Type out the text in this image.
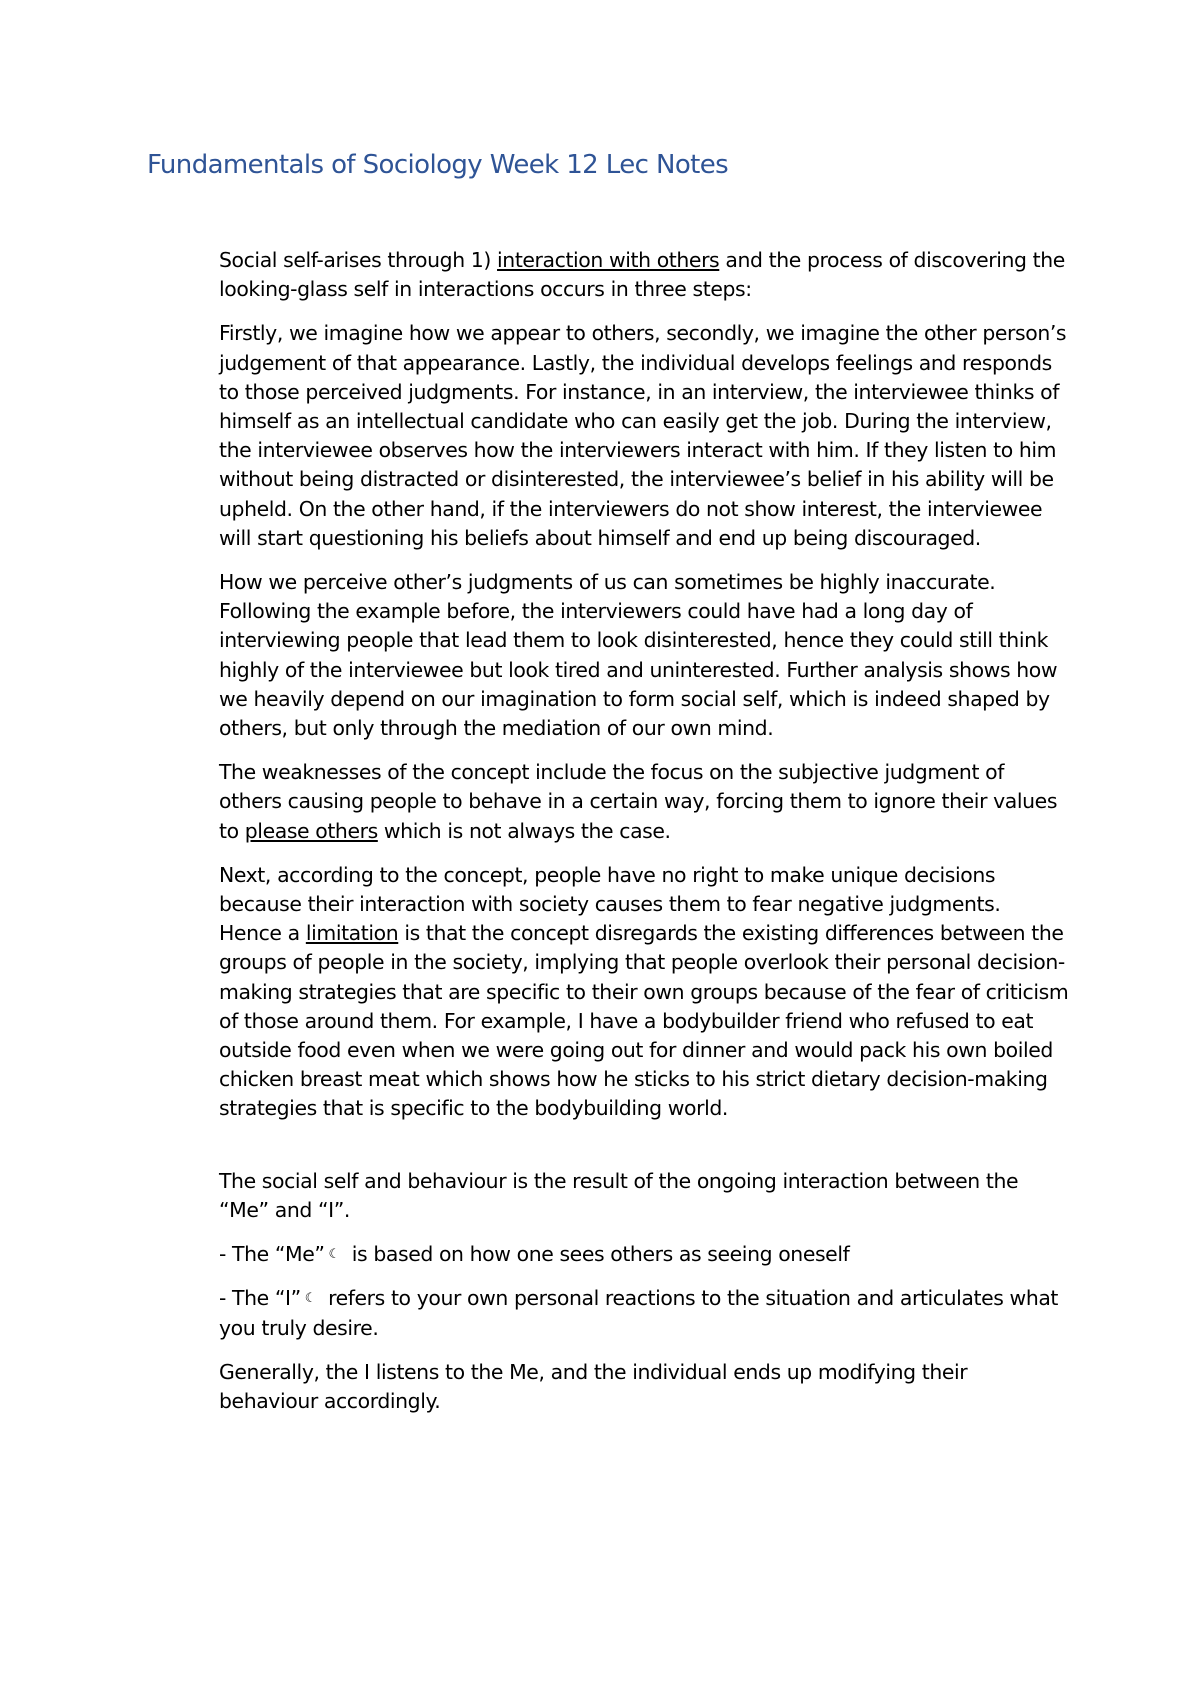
Fundamentals of Sociology Week 12 Lec Notes

Social self-arises through 1) interaction with others and the process of discovering the looking-glass self in interactions occurs in three steps:

Firstly, we imagine how we appear to others, secondly, we imagine the other person’s judgement of that appearance. Lastly, the individual develops feelings and responds to those perceived judgments. For instance, in an interview, the interviewee thinks of himself as an intellectual candidate who can easily get the job. During the interview, the interviewee observes how the interviewers interact with him. If they listen to him without being distracted or disinterested, the interviewee’s belief in his ability will be upheld. On the other hand, if the interviewers do not show interest, the interviewee will start questioning his beliefs about himself and end up being discouraged.

How we perceive other’s judgments of us can sometimes be highly inaccurate. Following the example before, the interviewers could have had a long day of interviewing people that lead them to look disinterested, hence they could still think highly of the interviewee but look tired and uninterested. Further analysis shows how we heavily depend on our imagination to form social self, which is indeed shaped by others, but only through the mediation of our own mind.

The weaknesses of the concept include the focus on the subjective judgment of others causing people to behave in a certain way, forcing them to ignore their values to please others which is not always the case.

Next, according to the concept, people have no right to make unique decisions because their interaction with society causes them to fear negative judgments. Hence a limitation is that the concept disregards the existing differences between the groups of people in the society, implying that people overlook their personal decision-making strategies that are specific to their own groups because of the fear of criticism of those around them. For example, I have a bodybuilder friend who refused to eat outside food even when we were going out for dinner and would pack his own boiled chicken breast meat which shows how he sticks to his strict dietary decision-making strategies that is specific to the bodybuilding world.

The social self and behaviour is the result of the ongoing interaction between the “Me” and “I”.

- The “Me” ☾ is based on how one sees others as seeing oneself

- The “I” ☾ refers to your own personal reactions to the situation and articulates what you truly desire.

Generally, the I listens to the Me, and the individual ends up modifying their behaviour accordingly.
